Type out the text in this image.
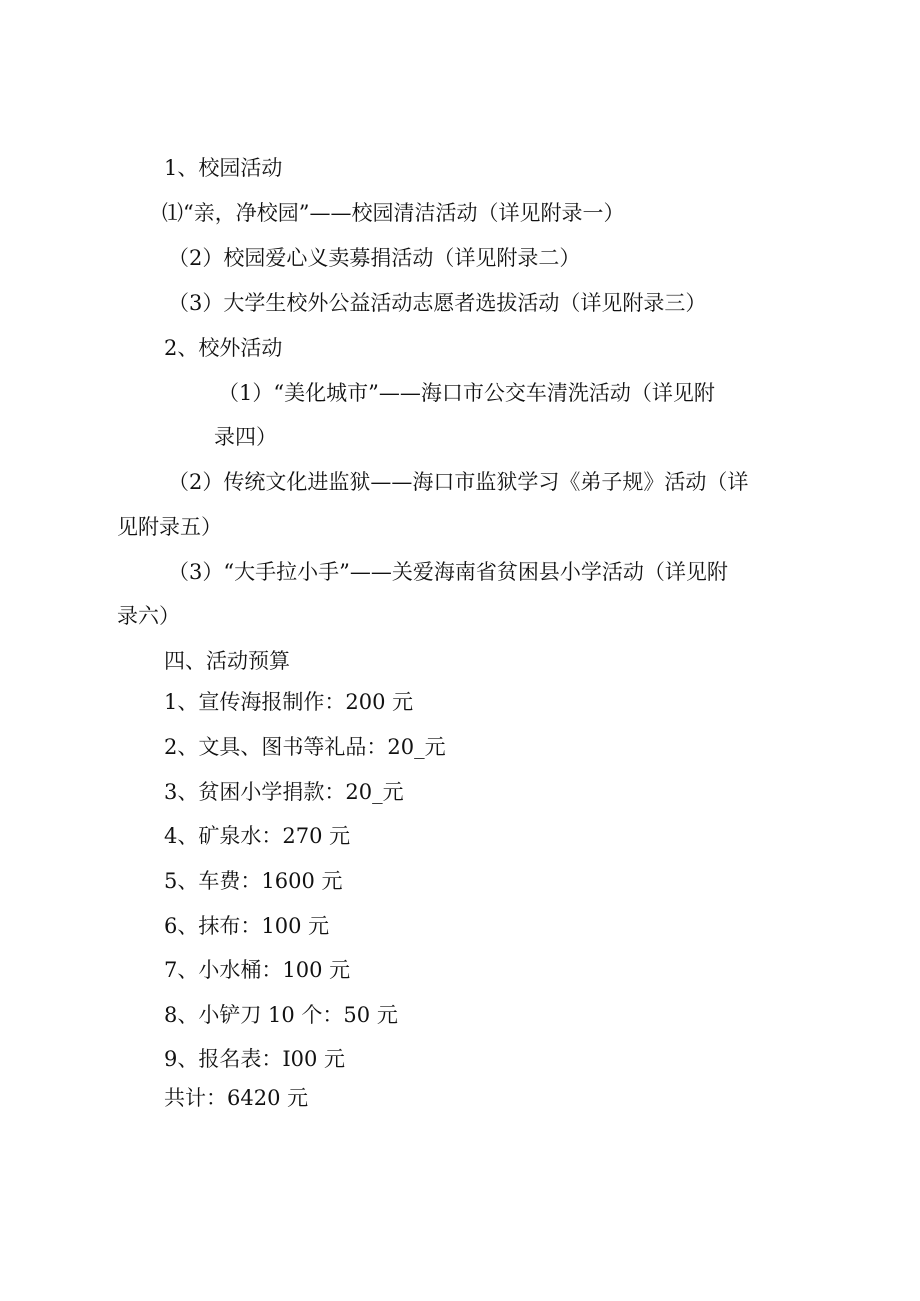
1、校园活动

⑴“亲，净校园”——校园清洁活动（详见附录一）

（2）校园爱心义卖募捐活动（详见附录二）

（3）大学生校外公益活动志愿者选拔活动（详见附录三）

2、校外活动

（1）“美化城市”——海口市公交车清洗活动（详见附

录四）

（2）传统文化进监狱——海口市监狱学习《弟子规》活动（详

见附录五）

（3）“大手拉小手”——关爱海南省贫困县小学活动（详见附

录六）

四、活动预算

1、宣传海报制作：200 元

2、文具、图书等礼品：20_元

3、贫困小学捐款：20_元

4、矿泉水：270 元

5、车费：1600 元

6、抹布：100 元

7、小水桶：100 元

8、小铲刀 10 个：50 元

9、报名表：I00 元

共计：6420 元
